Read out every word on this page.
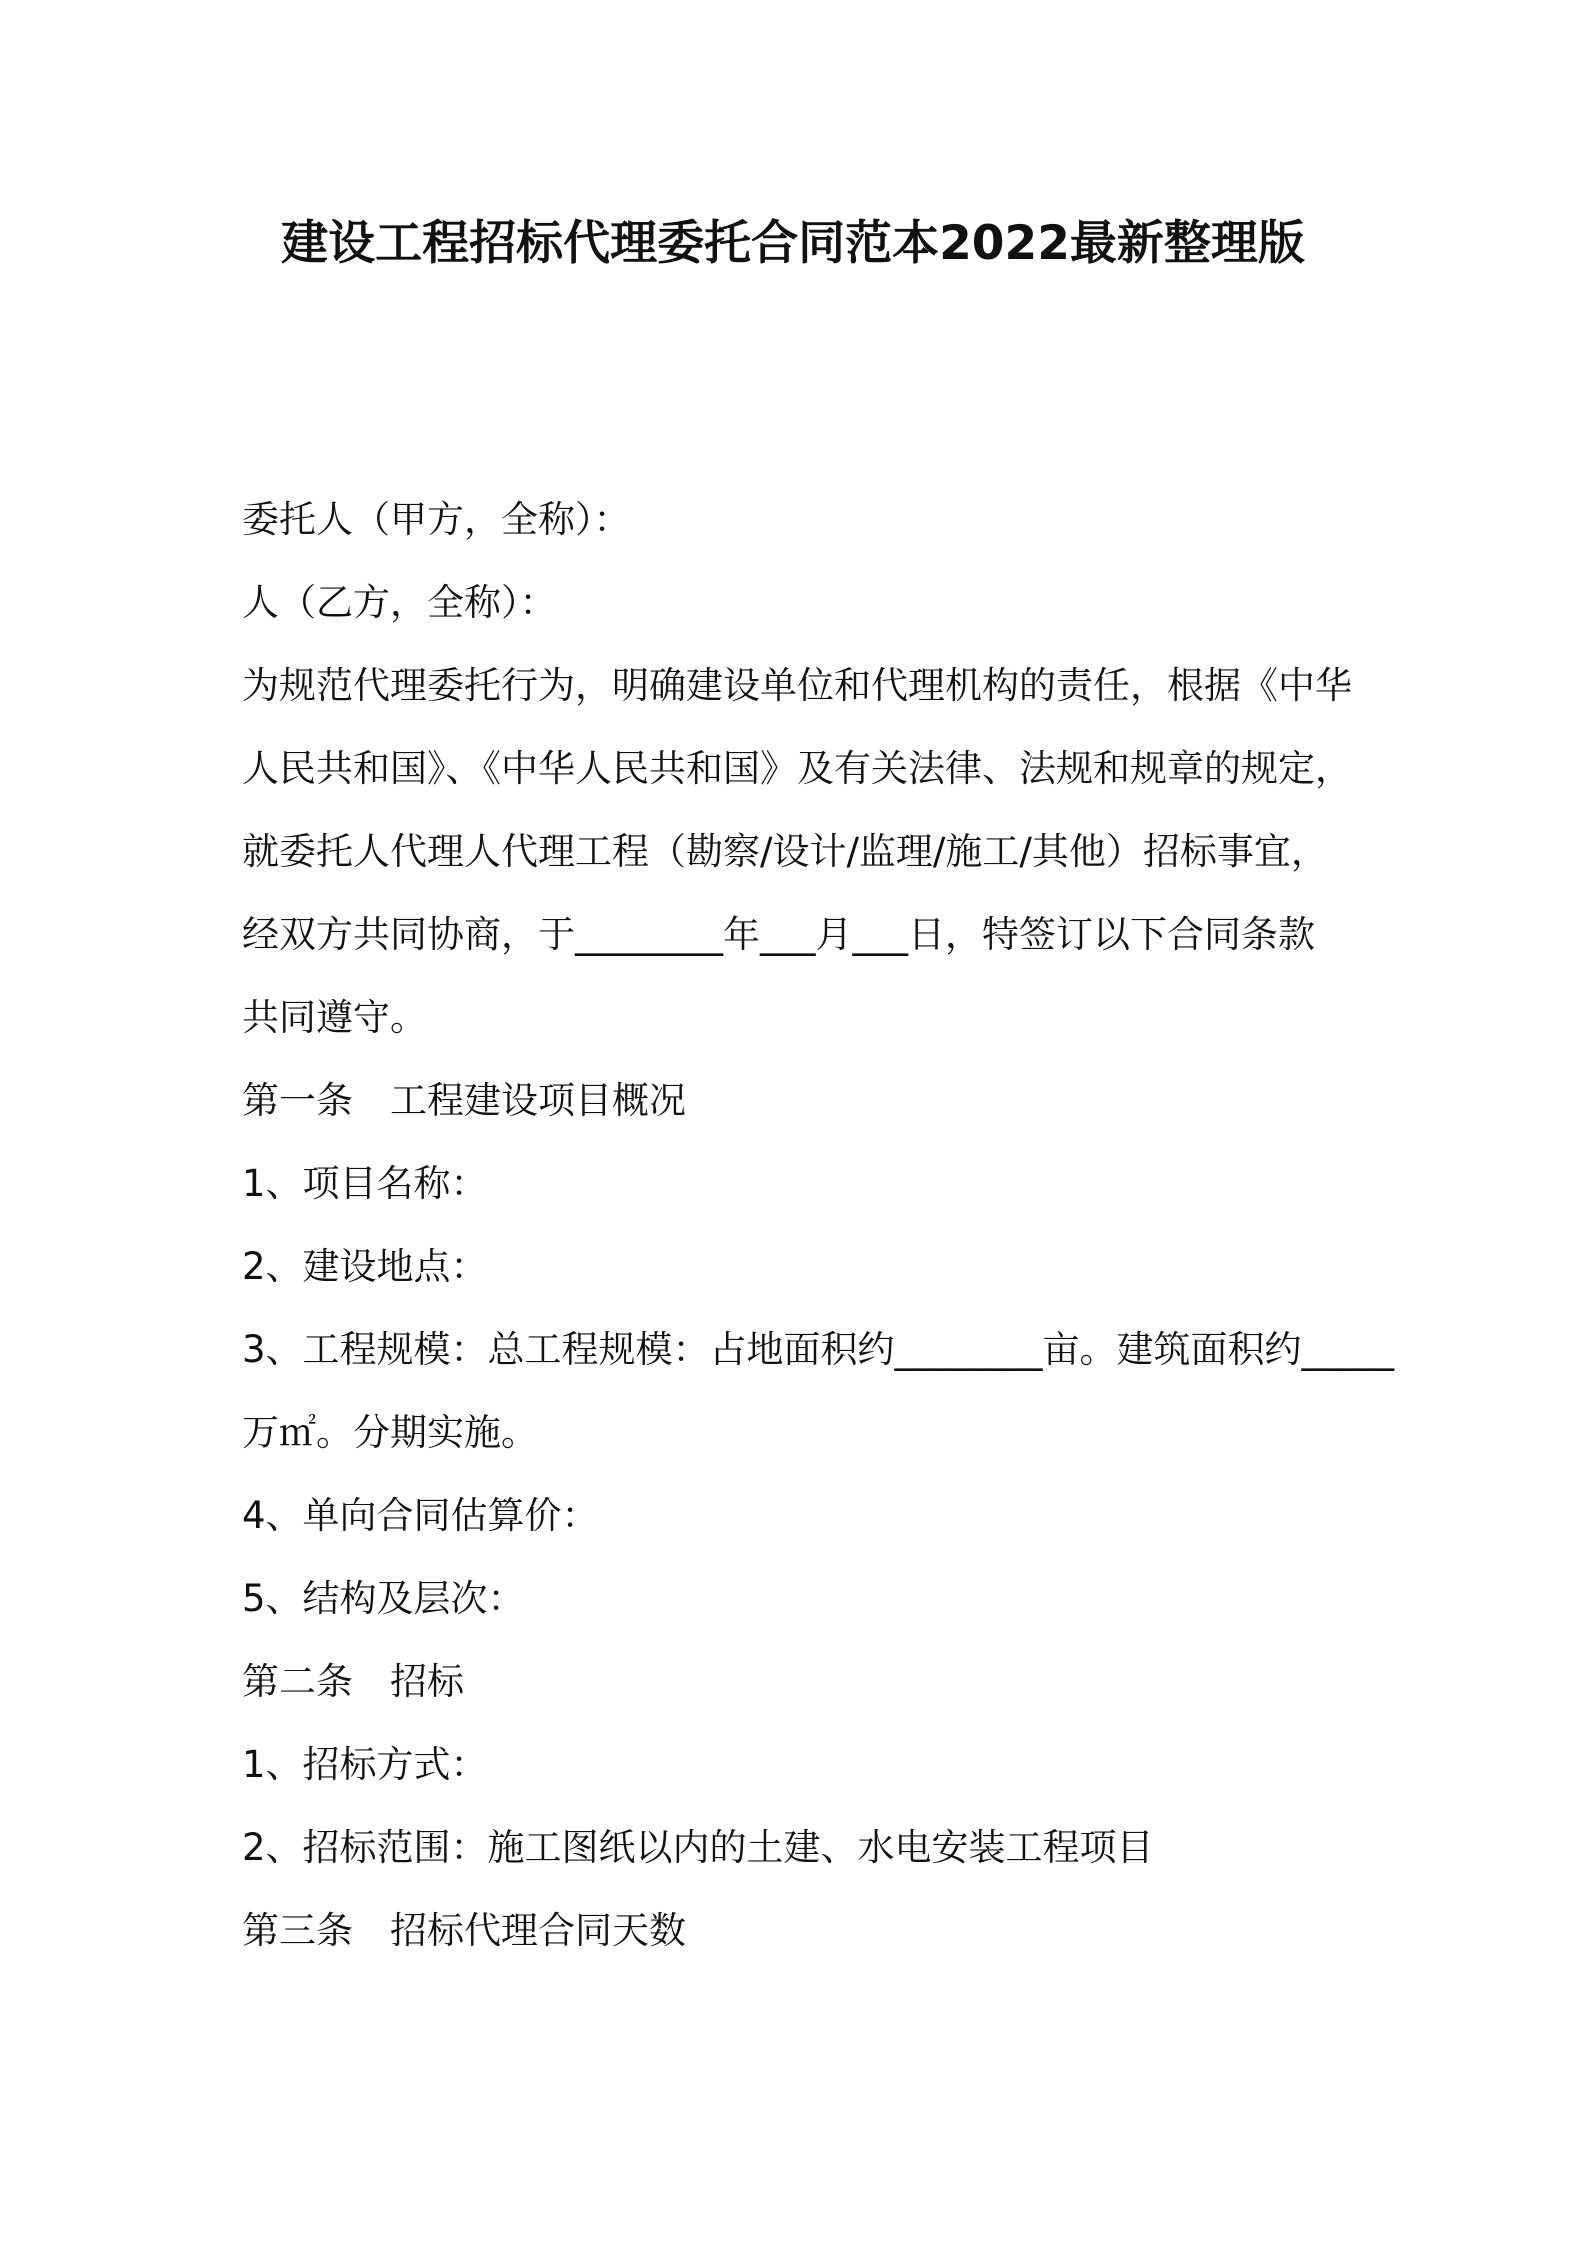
建设工程招标代理委托合同范本2022最新整理版
委托人（甲方，全称）：
人（乙方，全称）：
为规范代理委托行为，明确建设单位和代理机构的责任，根据《中华
人民共和国》、《中华人民共和国》及有关法律、法规和规章的规定，
就委托人代理人代理工程（勘察/设计/监理/施工/其他）招标事宜，
经双方共同协商，于________年___月___日，特签订以下合同条款
共同遵守。
第一条　工程建设项目概况
1、项目名称：
2、建设地点：
3、工程规模：总工程规模：占地面积约________亩。建筑面积约_____
万㎡。分期实施。
4、单向合同估算价：
5、结构及层次：
第二条　招标
1、招标方式：
2、招标范围：施工图纸以内的土建、水电安装工程项目
第三条　招标代理合同天数
